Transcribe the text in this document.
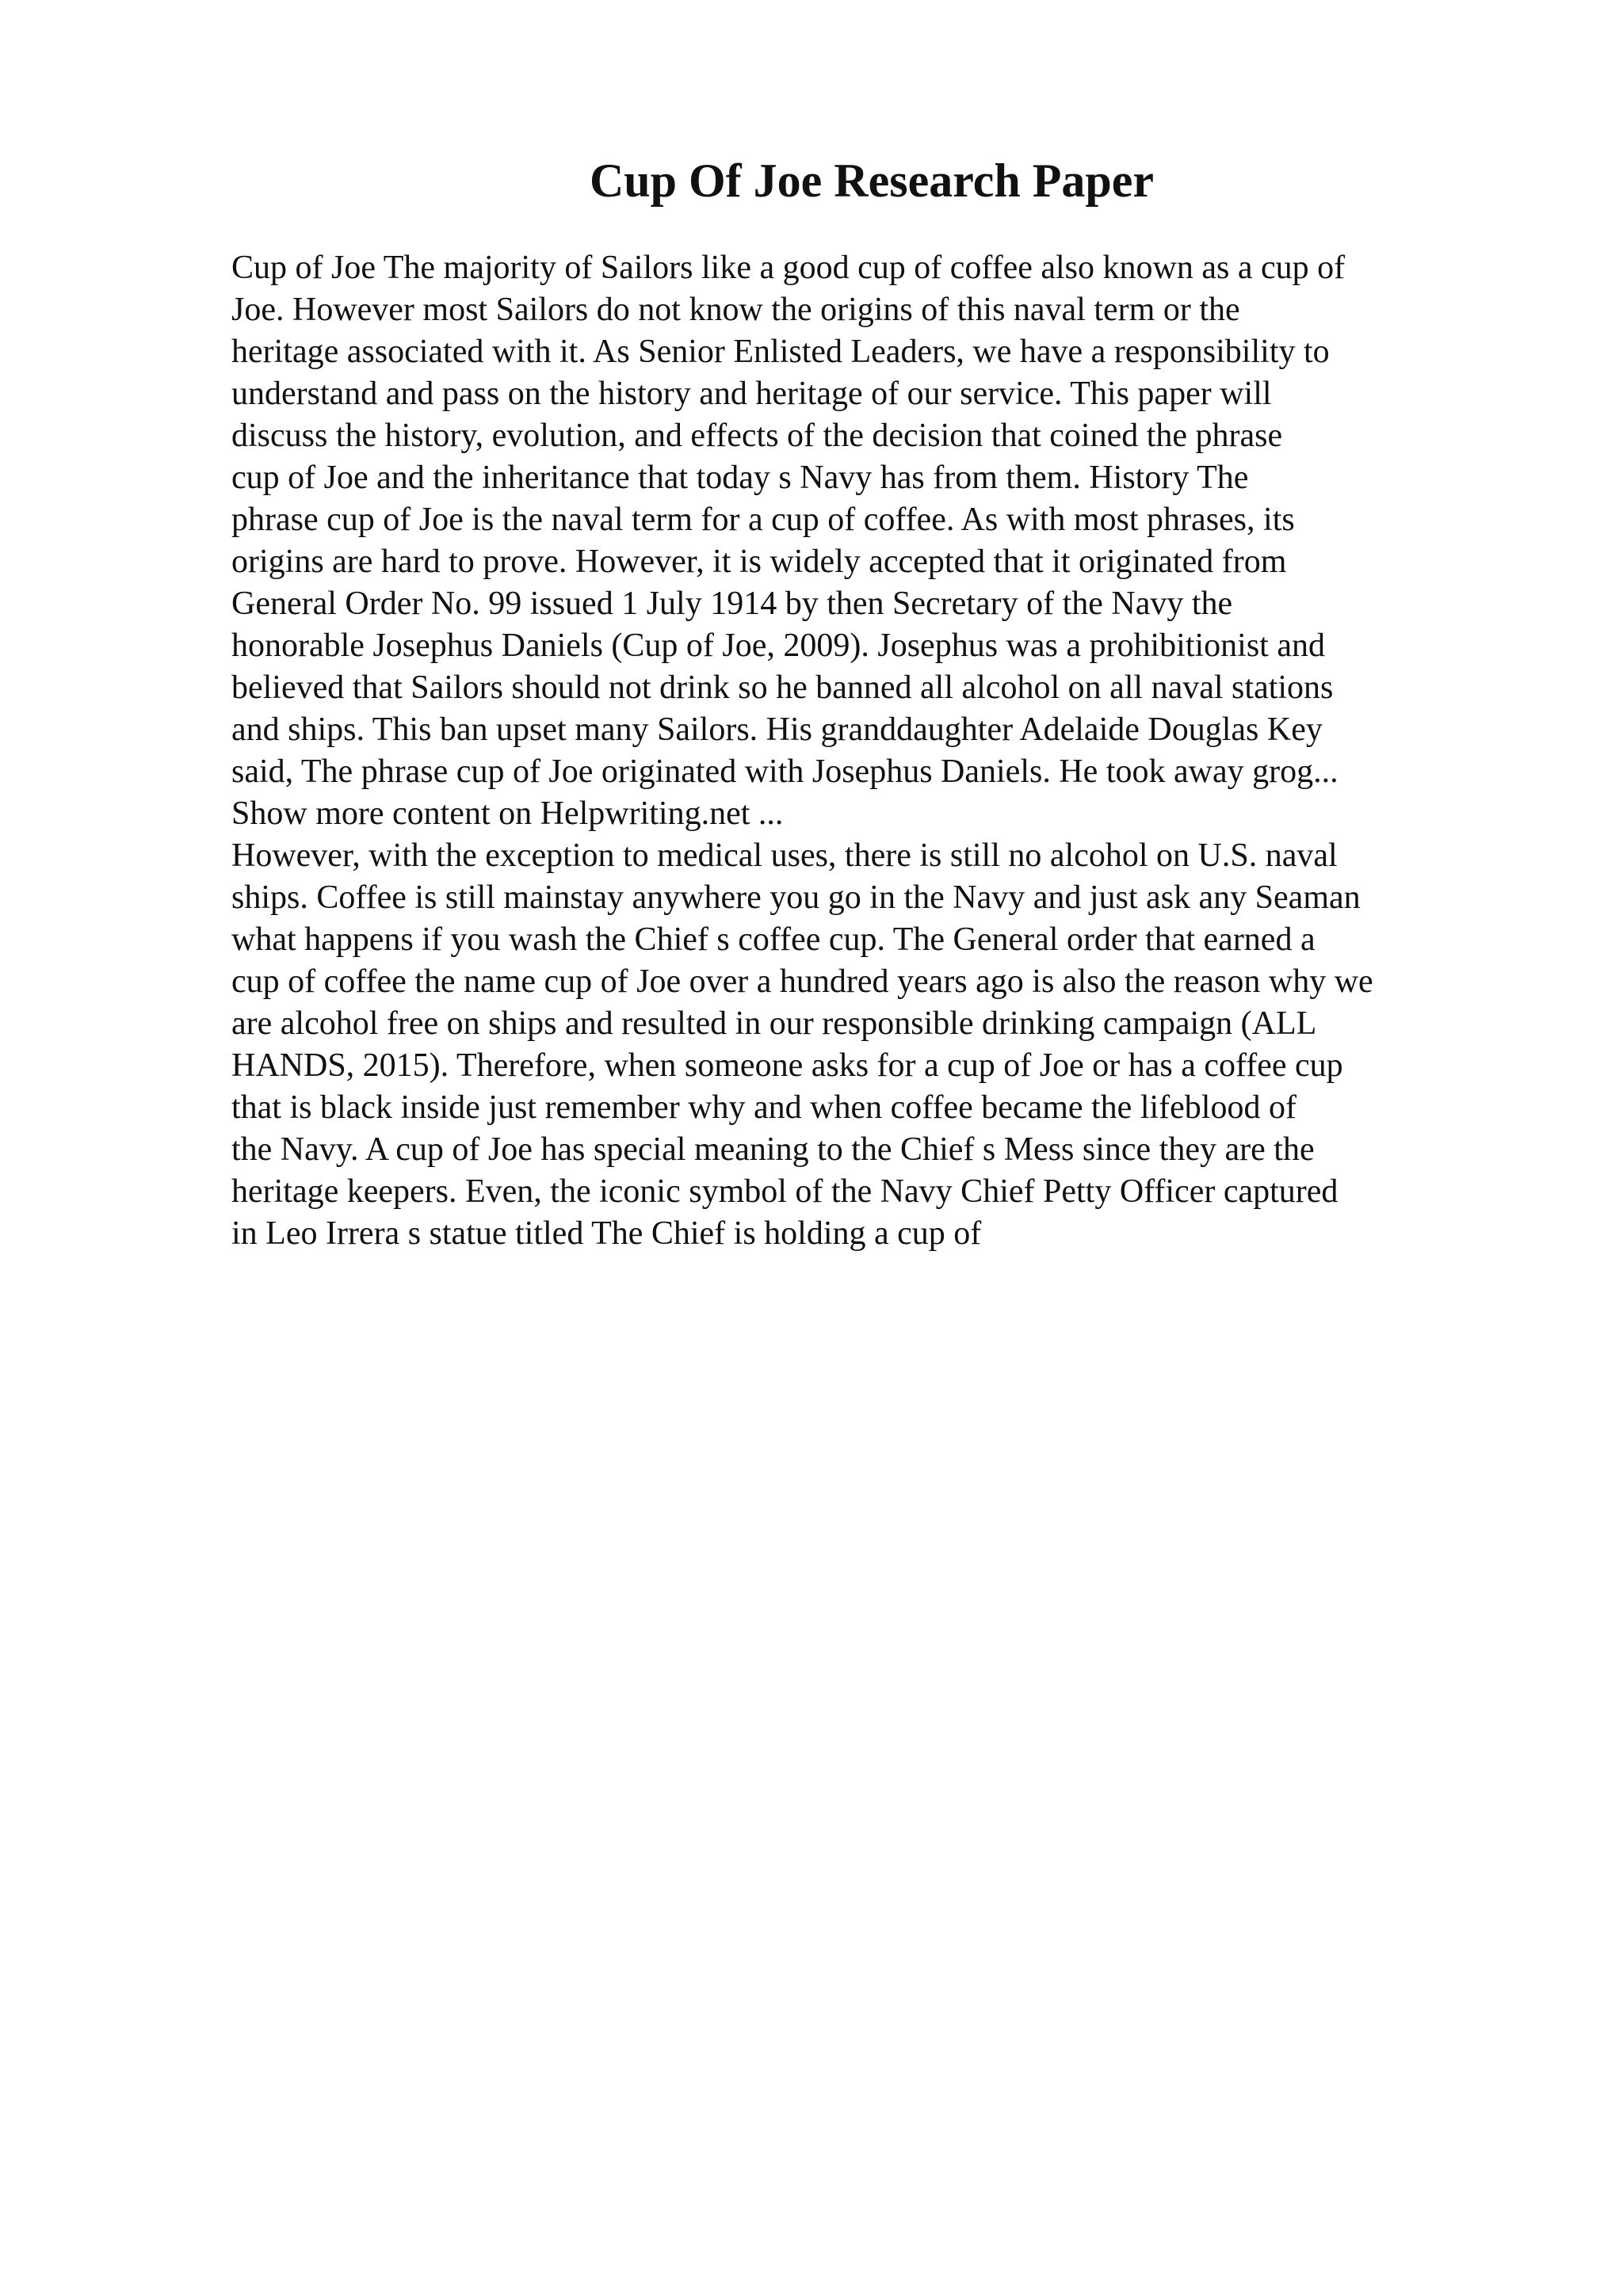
Cup Of Joe Research Paper
Cup of Joe The majority of Sailors like a good cup of coffee also known as a cup of
Joe. However most Sailors do not know the origins of this naval term or the
heritage associated with it. As Senior Enlisted Leaders, we have a responsibility to
understand and pass on the history and heritage of our service. This paper will
discuss the history, evolution, and effects of the decision that coined the phrase
cup of Joe and the inheritance that today s Navy has from them. History The
phrase cup of Joe is the naval term for a cup of coffee. As with most phrases, its
origins are hard to prove. However, it is widely accepted that it originated from
General Order No. 99 issued 1 July 1914 by then Secretary of the Navy the
honorable Josephus Daniels (Cup of Joe, 2009). Josephus was a prohibitionist and
believed that Sailors should not drink so he banned all alcohol on all naval stations
and ships. This ban upset many Sailors. His granddaughter Adelaide Douglas Key
said, The phrase cup of Joe originated with Josephus Daniels. He took away grog...
Show more content on Helpwriting.net ...
However, with the exception to medical uses, there is still no alcohol on U.S. naval
ships. Coffee is still mainstay anywhere you go in the Navy and just ask any Seaman
what happens if you wash the Chief s coffee cup. The General order that earned a
cup of coffee the name cup of Joe over a hundred years ago is also the reason why we
are alcohol free on ships and resulted in our responsible drinking campaign (ALL
HANDS, 2015). Therefore, when someone asks for a cup of Joe or has a coffee cup
that is black inside just remember why and when coffee became the lifeblood of
the Navy. A cup of Joe has special meaning to the Chief s Mess since they are the
heritage keepers. Even, the iconic symbol of the Navy Chief Petty Officer captured
in Leo Irrera s statue titled The Chief is holding a cup of
